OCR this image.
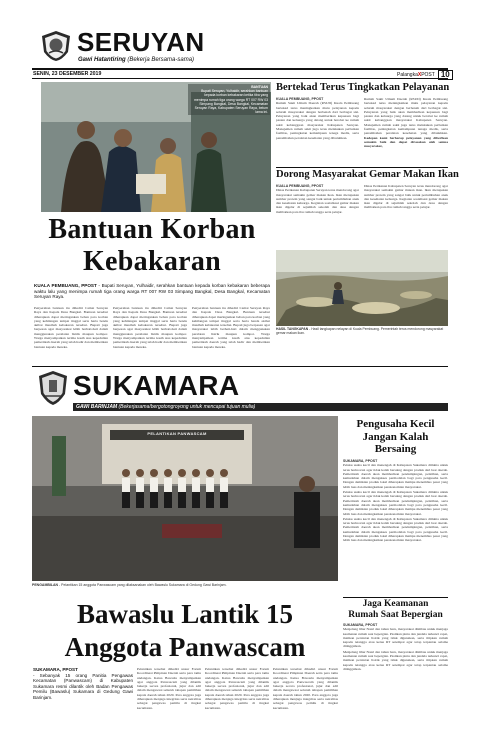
SERUYAN
Gawi Hatantiring (Bekerja Bersama-sama)
SENIN, 23 DESEMBER 2019	Palangka X POST 10
BANTUAN
Bupati Seruyan, Yulhaidir, serahkan bantuan kepada korban kebakaran ketika tiba yang menimpa rumah tiga orang warga RT 007 RW 03 Simpang Bangkal, Desa Bangkal, Kecamatan Seruyan Raya, Kabupaten Seruyan Raya, belum lama ini.
Bantuan Korban
Kebakaran
KUALA PEMBUANG, PPOST - Bupati Seruyan, Yulhaidir, serahkan bantuan kepada korban kebakaran beberapa waktu lalu yang menimpa rumah tiga orang warga RT 007 RW 03 Simpang Bangkal, Desa Bangkal, Kecamatan Seruyan Raya.
Penyerahan bantuan itu dihadiri Camat Seruyan Raya dan Kepala Desa Bangkal. Bantuan tersebut diharapkan dapat meringankan beban para korban yang kehilangan tempat tinggal serta harta benda akibat musibah kebakaran tersebut. Bupati juga berpesan agar masyarakat lebih berhati-hati dalam menggunakan peralatan listrik maupun kompor. Warga menyampaikan terima kasih atas kepedulian pemerintah daerah yang telah hadir dan memberikan bantuan kepada mereka.
Penyerahan bantuan itu dihadiri Camat Seruyan Raya dan Kepala Desa Bangkal. Bantuan tersebut diharapkan dapat meringankan beban para korban yang kehilangan tempat tinggal serta harta benda akibat musibah kebakaran tersebut. Bupati juga berpesan agar masyarakat lebih berhati-hati dalam menggunakan peralatan listrik maupun kompor. Warga menyampaikan terima kasih atas kepedulian pemerintah daerah yang telah hadir dan memberikan bantuan kepada mereka.
Penyerahan bantuan itu dihadiri Camat Seruyan Raya dan Kepala Desa Bangkal. Bantuan tersebut diharapkan dapat meringankan beban para korban yang kehilangan tempat tinggal serta harta benda akibat musibah kebakaran tersebut. Bupati juga berpesan agar masyarakat lebih berhati-hati dalam menggunakan peralatan listrik maupun kompor. Warga menyampaikan terima kasih atas kepedulian pemerintah daerah yang telah hadir dan memberikan bantuan kepada mereka.
Bertekad Terus Tingkatkan Pelayanan
KUALA PEMBUANG, PPOST
Rumah Sakit Umum Daerah (RSUD) Kuala Pembuang bertekad terus meningkatkan mutu pelayanan kepada seluruh masyarakat dengan berbenah dari berbagai sisi. Pelayanan yang baik akan memberikan kepuasan bagi pasien dan keluarga yang datang untuk berobat ke rumah sakit kebanggaan masyarakat Kabupaten Seruyan. Manajemen rumah sakit juga terus melakukan perbaikan fasilitas, peningkatan kemampuan tenaga medis, serta penambahan peralatan kesehatan yang dibutuhkan.
Rumah Sakit Umum Daerah (RSUD) Kuala Pembuang bertekad terus meningkatkan mutu pelayanan kepada seluruh masyarakat dengan berbenah dari berbagai sisi. Pelayanan yang baik akan memberikan kepuasan bagi pasien dan keluarga yang datang untuk berobat ke rumah sakit kebanggaan masyarakat Kabupaten Seruyan. Manajemen rumah sakit juga terus melakukan perbaikan fasilitas, peningkatan kemampuan tenaga medis, serta penambahan peralatan kesehatan yang dibutuhkan. Kedepan kami berharap pelayanan yang diberikan semakin baik dan dapat dirasakan oleh semua masyarakat,
Dorong Masyarakat Gemar Makan Ikan
KUALA PEMBUANG, PPOST
Dinas Perikanan Kabupaten Seruyan terus mendorong agar masyarakat semakin gemar makan ikan. Ikan merupakan sumber protein yang sangat baik untuk pertumbuhan anak dan kesehatan keluarga. Kegiatan sosialisasi gemar makan ikan digelar di sejumlah sekolah dan desa dengan melibatkan para ibu rumah tangga serta pelajar.
Dinas Perikanan Kabupaten Seruyan terus mendorong agar masyarakat semakin gemar makan ikan. Ikan merupakan sumber protein yang sangat baik untuk pertumbuhan anak dan kesehatan keluarga. Kegiatan sosialisasi gemar makan ikan digelar di sejumlah sekolah dan desa dengan melibatkan para ibu rumah tangga serta pelajar.
HASIL TANGKAPAN - Hasil tangkapan nelayan di Kuala Pembuang. Pemerintah terus mendorong masyarakat gemar makan ikan.
SUKAMARA
GAWI BARINJAM (Bekerjasama/bergotongroyong untuk mencapai tujuan mulia)
PELANTIKAN PANWASCAM
PENGAMBILAN - Pelantikan 15 anggota Panwascam yang dilaksanakan oleh Bawaslu Sukamara di Gedung Gawi Barinjam.
Bawaslu Lantik 15
Anggota Panwascam
SUKAMARA, PPOST
- Sebanyak 15 orang Panitia Pengawas Kecamatan (Panwascam) di Kabupaten Sukamara resmi dilantik oleh Badan Pengawas Pemilu (Bawaslu) Sukamara di Gedung Gawi Barinjam.
Pelantikan tersebut dihadiri unsur Forum Koordinasi Pimpinan Daerah serta para tamu undangan. Ketua Bawaslu menyampaikan agar anggota Panwascam yang dilantik bekerja secara profesional, jujur dan adil dalam mengawasi seluruh tahapan pemilihan kepala daerah tahun 2020. Para anggota juga diharapkan menjaga integritas serta netralitas sebagai pengawas pemilu di tingkat kecamatan.
Pelantikan tersebut dihadiri unsur Forum Koordinasi Pimpinan Daerah serta para tamu undangan. Ketua Bawaslu menyampaikan agar anggota Panwascam yang dilantik bekerja secara profesional, jujur dan adil dalam mengawasi seluruh tahapan pemilihan kepala daerah tahun 2020. Para anggota juga diharapkan menjaga integritas serta netralitas sebagai pengawas pemilu di tingkat kecamatan.
Pelantikan tersebut dihadiri unsur Forum Koordinasi Pimpinan Daerah serta para tamu undangan. Ketua Bawaslu menyampaikan agar anggota Panwascam yang dilantik bekerja secara profesional, jujur dan adil dalam mengawasi seluruh tahapan pemilihan kepala daerah tahun 2020. Para anggota juga diharapkan menjaga integritas serta netralitas sebagai pengawas pemilu di tingkat kecamatan.
Pengusaha Kecil
Jangan Kalah
Bersaing
SUKAMARA, PPOST

Pelaku usaha kecil dan menengah di Kabupaten Sukamara diminta untuk terus berinovasi agar tidak kalah bersaing dengan produk dari luar daerah. Pemerintah daerah akan memberikan pendampingan, pelatihan, serta kemudahan dalam mengakses permodalan bagi para pengusaha kecil. Dengan demikian produk lokal diharapkan mampu menembus pasar yang lebih luas dan meningkatkan perekonomian masyarakat.

Pelaku usaha kecil dan menengah di Kabupaten Sukamara diminta untuk terus berinovasi agar tidak kalah bersaing dengan produk dari luar daerah. Pemerintah daerah akan memberikan pendampingan, pelatihan, serta kemudahan dalam mengakses permodalan bagi para pengusaha kecil. Dengan demikian produk lokal diharapkan mampu menembus pasar yang lebih luas dan meningkatkan perekonomian masyarakat.

Pelaku usaha kecil dan menengah di Kabupaten Sukamara diminta untuk terus berinovasi agar tidak kalah bersaing dengan produk dari luar daerah. Pemerintah daerah akan memberikan pendampingan, pelatihan, serta kemudahan dalam mengakses permodalan bagi para pengusaha kecil. Dengan demikian produk lokal diharapkan mampu menembus pasar yang lebih luas dan meningkatkan perekonomian masyarakat.

Jaga Keamanan
Rumah Saat Bepergian
SUKAMARA, PPOST

Menjelang libur Natal dan tahun baru, masyarakat diimbau untuk menjaga keamanan rumah saat bepergian. Pastikan pintu dan jendela terkunci rapat, matikan peralatan listrik yang tidak digunakan, serta titipkan rumah kepada tetangga atau ketua RT setempat agar tetap terpantau selama ditinggalkan.

Menjelang libur Natal dan tahun baru, masyarakat diimbau untuk menjaga keamanan rumah saat bepergian. Pastikan pintu dan jendela terkunci rapat, matikan peralatan listrik yang tidak digunakan, serta titipkan rumah kepada tetangga atau ketua RT setempat agar tetap terpantau selama ditinggalkan.
